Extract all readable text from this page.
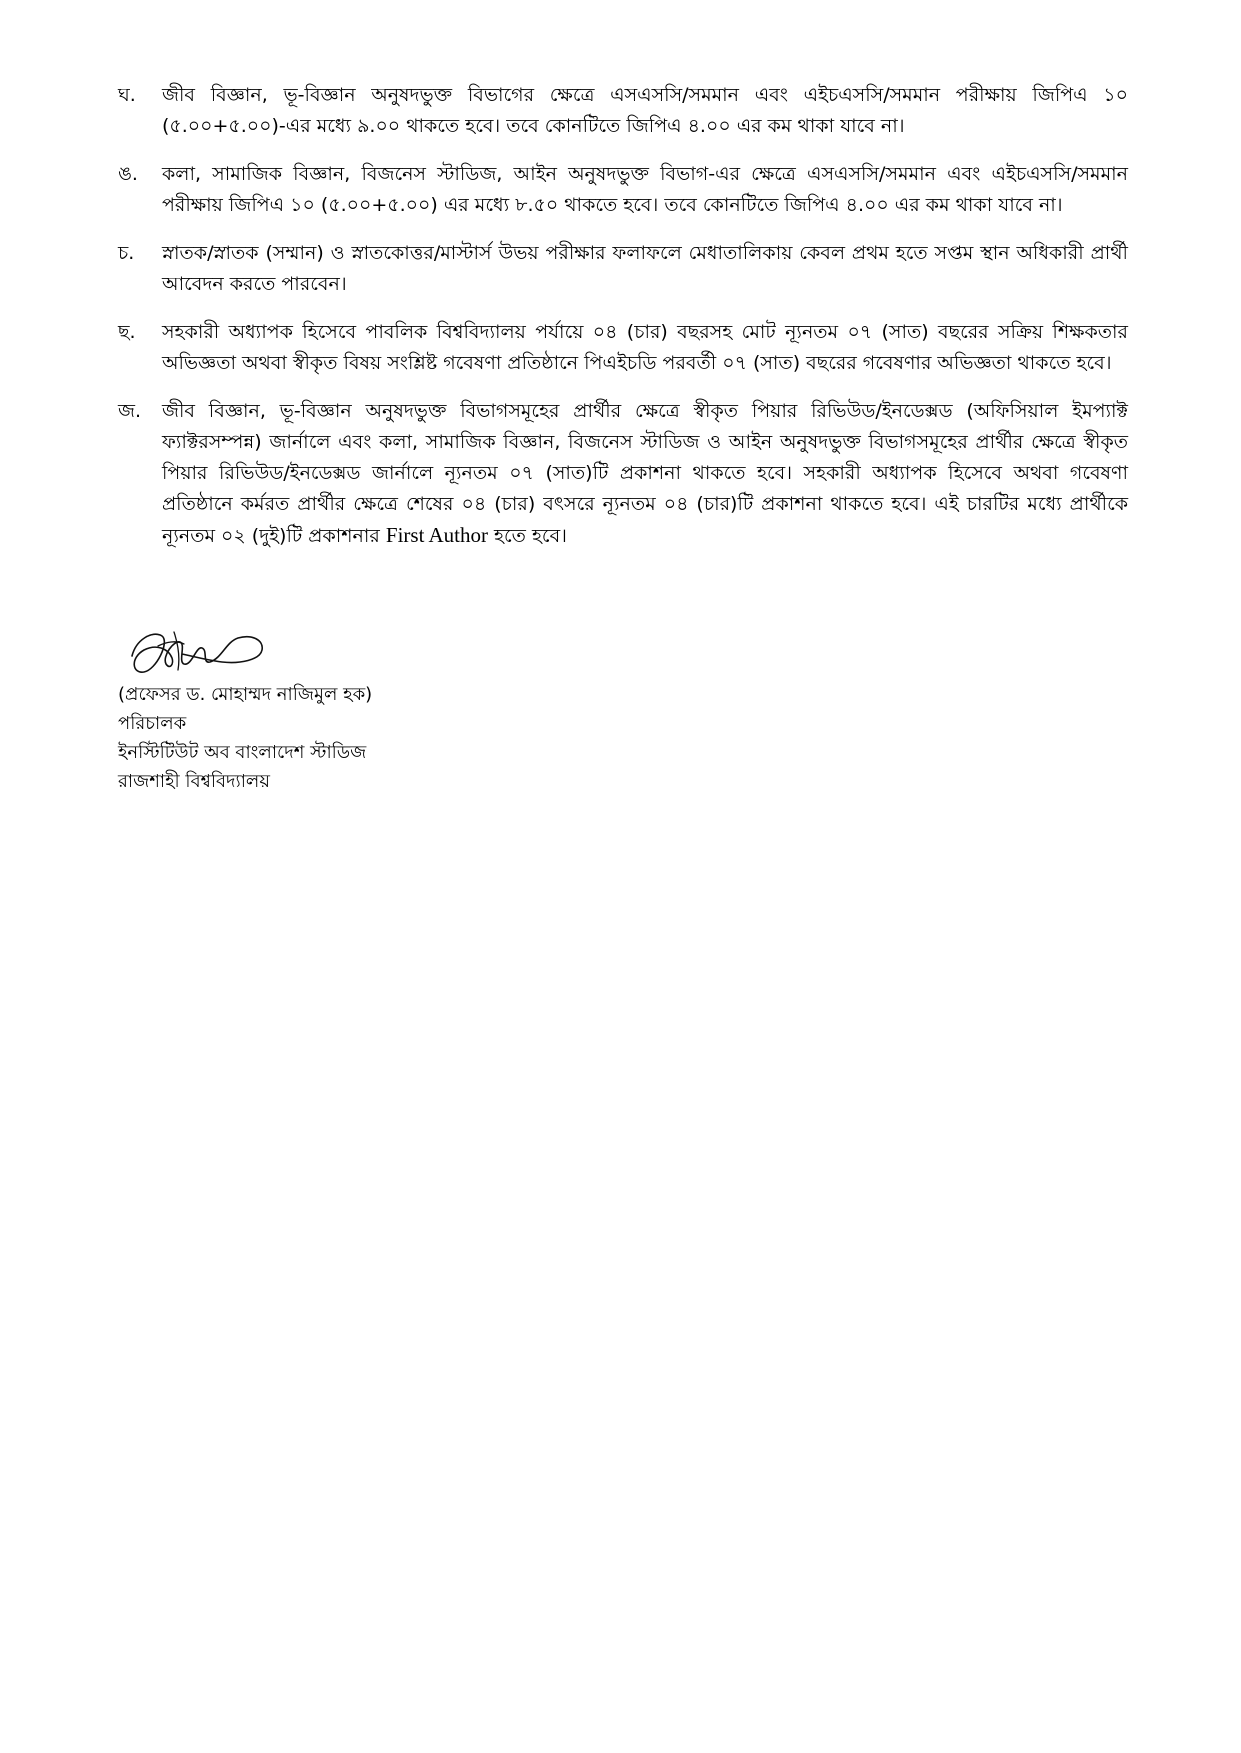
ঘ.	জীব বিজ্ঞান, ভূ-বিজ্ঞান অনুষদভুক্ত বিভাগের ক্ষেত্রে এসএসসি/সমমান এবং এইচএসসি/সমমান পরীক্ষায় জিপিএ ১০ (৫.০০+৫.০০)-এর মধ্যে ৯.০০ থাকতে হবে। তবে কোনটিতে জিপিএ ৪.০০ এর কম থাকা যাবে না।
ঙ.	কলা, সামাজিক বিজ্ঞান, বিজনেস স্টাডিজ, আইন অনুষদভুক্ত বিভাগ-এর ক্ষেত্রে এসএসসি/সমমান এবং এইচএসসি/সমমান পরীক্ষায় জিপিএ ১০ (৫.০০+৫.০০) এর মধ্যে ৮.৫০ থাকতে হবে। তবে কোনটিতে জিপিএ ৪.০০ এর কম থাকা যাবে না।
চ.	স্নাতক/স্নাতক (সম্মান) ও স্নাতকোত্তর/মাস্টার্স উভয় পরীক্ষার ফলাফলে মেধাতালিকায় কেবল প্রথম হতে সপ্তম স্থান অধিকারী প্রার্থী আবেদন করতে পারবেন।
ছ.	সহকারী অধ্যাপক হিসেবে পাবলিক বিশ্ববিদ্যালয় পর্যায়ে ০৪ (চার) বছরসহ মোট ন্যূনতম ০৭ (সাত) বছরের সক্রিয় শিক্ষকতার অভিজ্ঞতা অথবা স্বীকৃত বিষয় সংশ্লিষ্ট গবেষণা প্রতিষ্ঠানে পিএইচডি পরবর্তী ০৭ (সাত) বছরের গবেষণার অভিজ্ঞতা থাকতে হবে।
জ.	জীব বিজ্ঞান, ভূ-বিজ্ঞান অনুষদভুক্ত বিভাগসমূহের প্রার্থীর ক্ষেত্রে স্বীকৃত পিয়ার রিভিউড/ইনডেক্সড (অফিসিয়াল ইমপ্যাক্ট ফ্যাক্টরসম্পন্ন) জার্নালে এবং কলা, সামাজিক বিজ্ঞান, বিজনেস স্টাডিজ ও আইন অনুষদভুক্ত বিভাগসমূহের প্রার্থীর ক্ষেত্রে স্বীকৃত পিয়ার রিভিউড/ইনডেক্সড জার্নালে ন্যূনতম ০৭ (সাত)টি প্রকাশনা থাকতে হবে। সহকারী অধ্যাপক হিসেবে অথবা গবেষণা প্রতিষ্ঠানে কর্মরত প্রার্থীর ক্ষেত্রে শেষের ০৪ (চার) বৎসরে ন্যূনতম ০৪ (চার)টি প্রকাশনা থাকতে হবে। এই চারটির মধ্যে প্রার্থীকে ন্যূনতম ০২ (দুই)টি প্রকাশনার First Author হতে হবে।
(প্রফেসর ড. মোহাম্মদ নাজিমুল হক)
পরিচালক
ইনস্টিটিউট অব বাংলাদেশ স্টাডিজ
রাজশাহী বিশ্ববিদ্যালয়
